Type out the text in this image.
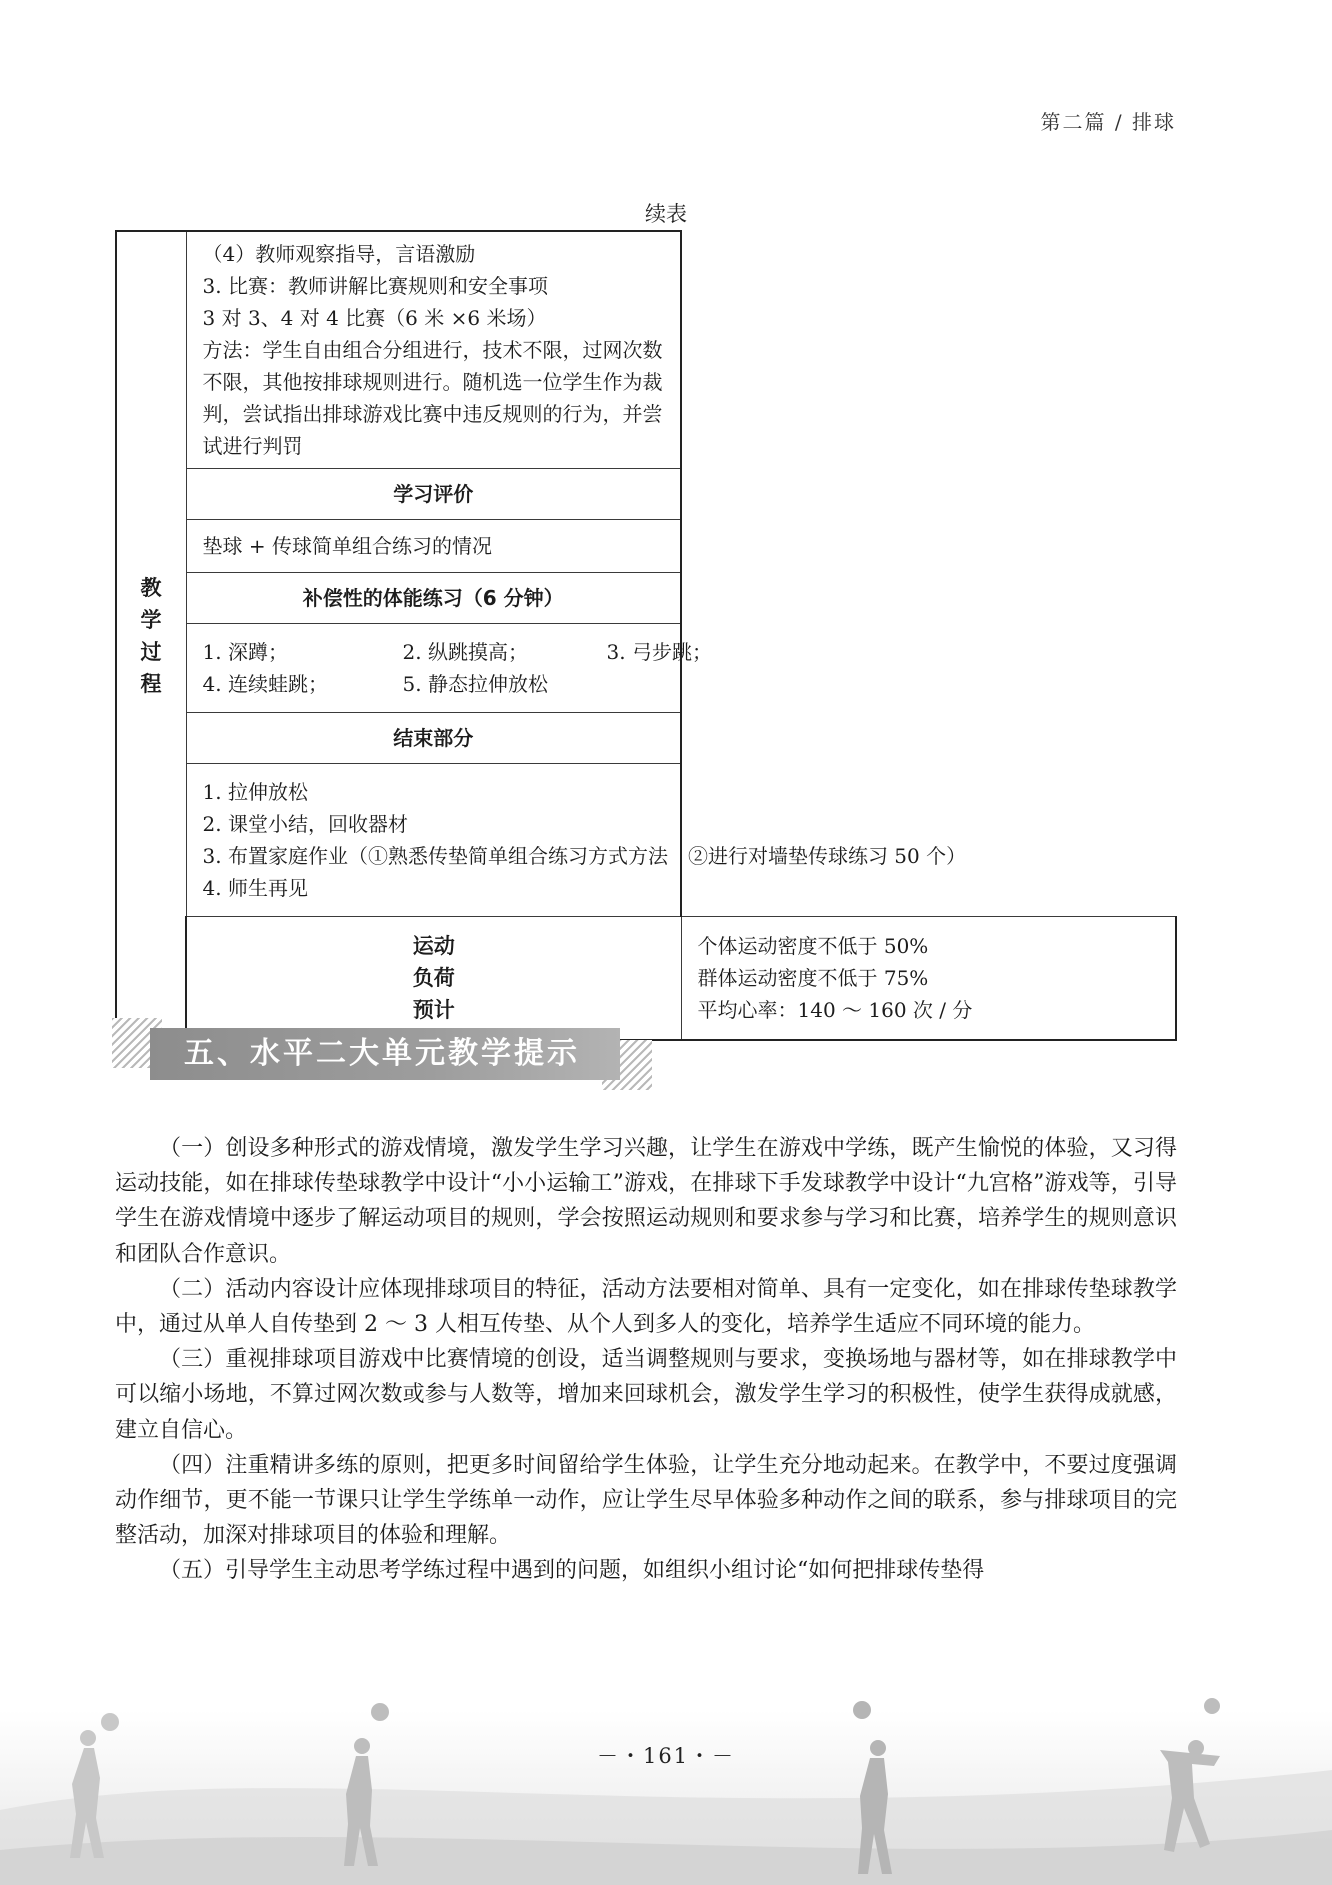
第二篇 / 排球
续表
教
学
过
程	（4）教师观察指导，言语激励
3. 比赛：教师讲解比赛规则和安全事项
3 对 3、4 对 4 比赛（6 米 ×6 米场）
方法：学生自由组合分组进行，技术不限，过网次数不限，其他按排球规则进行。随机选一位学生作为裁判，尝试指出排球游戏比赛中违反规则的行为，并尝试进行判罚	

	学习评价	
	垫球 + 传球简单组合练习的情况	
	补偿性的体能练习（6 分钟）	

	1. 深蹲； 2. 纵跳摸高； 3. 弓步跳；
4. 连续蛙跳； 5. 静态拉伸放松	

	结束部分	

	1. 拉伸放松
2. 课堂小结，回收器材
3. 布置家庭作业（①熟悉传垫简单组合练习方式方法　②进行对墙垫传球练习 50 个）
4. 师生再见	

	运动
负荷
预计	个体运动密度不低于 50%
群体运动密度不低于 75%
平均心率：140 ～ 160 次 / 分
五、水平二大单元教学提示

（一）创设多种形式的游戏情境，激发学生学习兴趣，让学生在游戏中学练，既产生愉悦的体验，又习得运动技能，如在排球传垫球教学中设计“小小运输工”游戏，在排球下手发球教学中设计“九宫格”游戏等，引导学生在游戏情境中逐步了解运动项目的规则，学会按照运动规则和要求参与学习和比赛，培养学生的规则意识和团队合作意识。

（二）活动内容设计应体现排球项目的特征，活动方法要相对简单、具有一定变化，如在排球传垫球教学中，通过从单人自传垫到 2 ～ 3 人相互传垫、从个人到多人的变化，培养学生适应不同环境的能力。

（三）重视排球项目游戏中比赛情境的创设，适当调整规则与要求，变换场地与器材等，如在排球教学中可以缩小场地，不算过网次数或参与人数等，增加来回球机会，激发学生学习的积极性，使学生获得成就感，建立自信心。

（四）注重精讲多练的原则，把更多时间留给学生体验，让学生充分地动起来。在教学中，不要过度强调动作细节，更不能一节课只让学生学练单一动作，应让学生尽早体验多种动作之间的联系，参与排球项目的完整活动，加深对排球项目的体验和理解。

（五）引导学生主动思考学练过程中遇到的问题，如组织小组讨论“如何把排球传垫得

－・161・－
